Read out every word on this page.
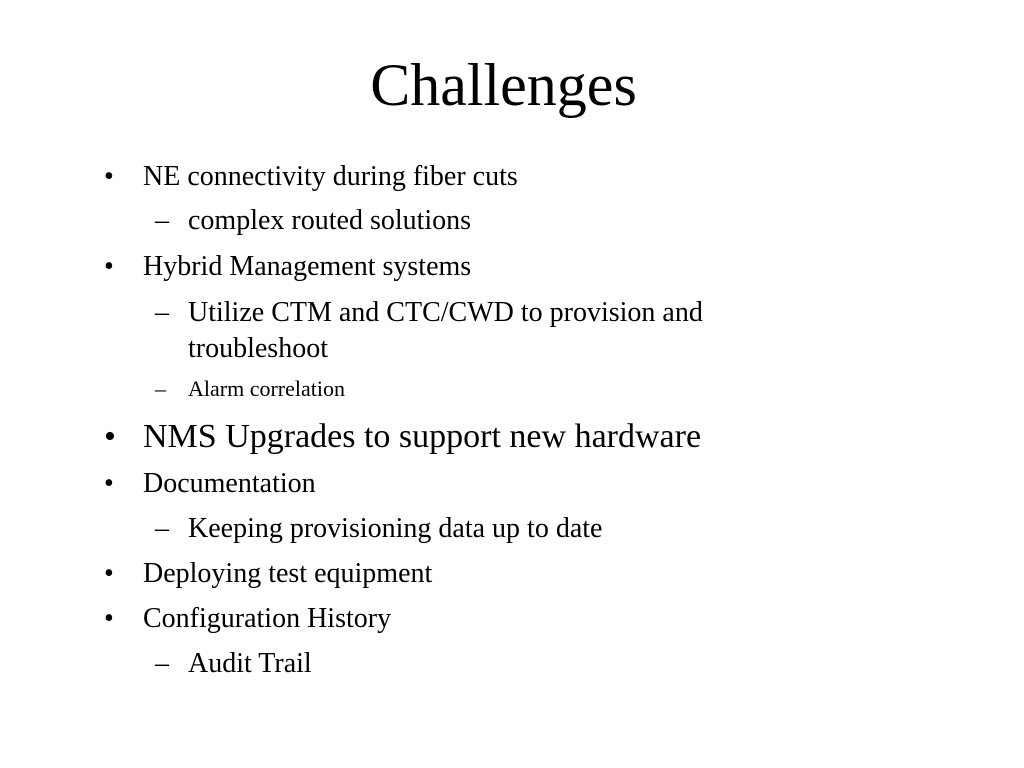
Challenges
• NE connectivity during fiber cuts
– complex routed solutions
• Hybrid Management systems
– Utilize CTM and CTC/CWD to provision and troubleshoot
– Alarm correlation
• NMS Upgrades to support new hardware
• Documentation
– Keeping provisioning data up to date
• Deploying test equipment
• Configuration History
– Audit Trail
